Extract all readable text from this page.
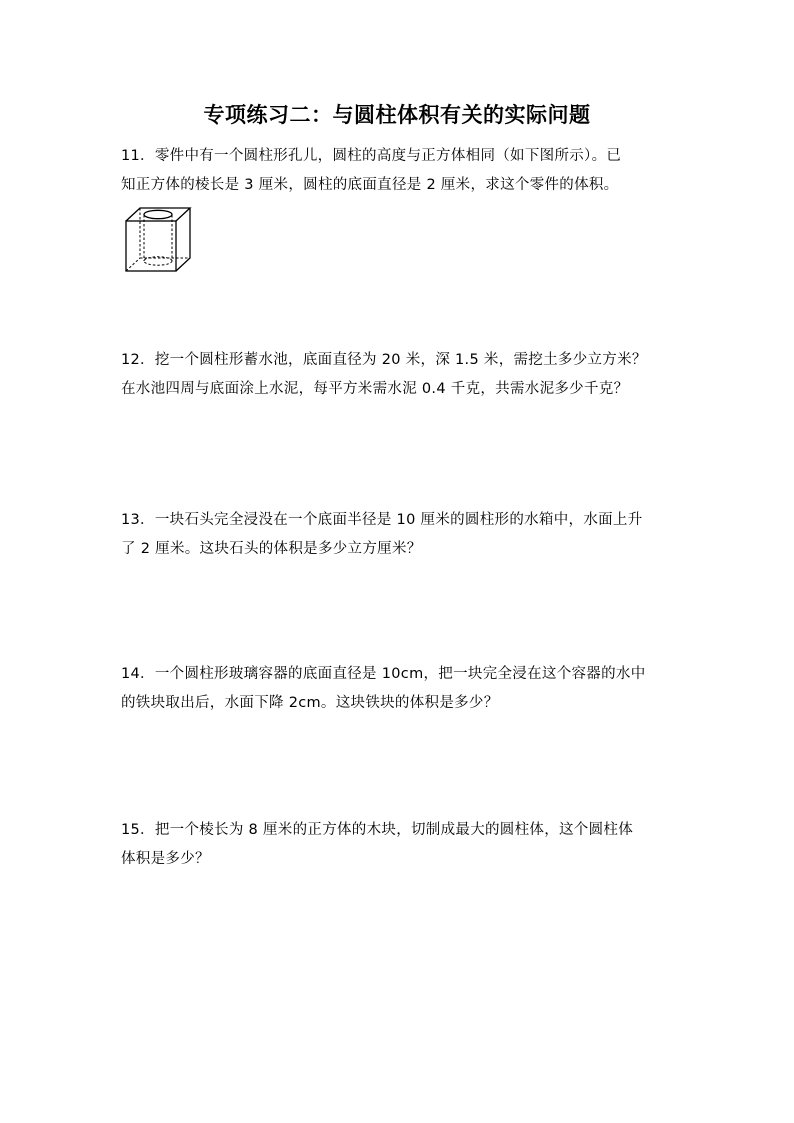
专项练习二：与圆柱体积有关的实际问题

11．零件中有一个圆柱形孔儿，圆柱的高度与正方体相同（如下图所示）。已

知正方体的棱长是 3 厘米，圆柱的底面直径是 2 厘米，求这个零件的体积。

12．挖一个圆柱形蓄水池，底面直径为 20 米，深 1.5 米，需挖土多少立方米？

在水池四周与底面涂上水泥，每平方米需水泥 0.4 千克，共需水泥多少千克？

13．一块石头完全浸没在一个底面半径是 10 厘米的圆柱形的水箱中，水面上升

了 2 厘米。这块石头的体积是多少立方厘米？

14．一个圆柱形玻璃容器的底面直径是 10cm，把一块完全浸在这个容器的水中

的铁块取出后，水面下降 2cm。这块铁块的体积是多少？

15．把一个棱长为 8 厘米的正方体的木块，切制成最大的圆柱体，这个圆柱体

体积是多少？
